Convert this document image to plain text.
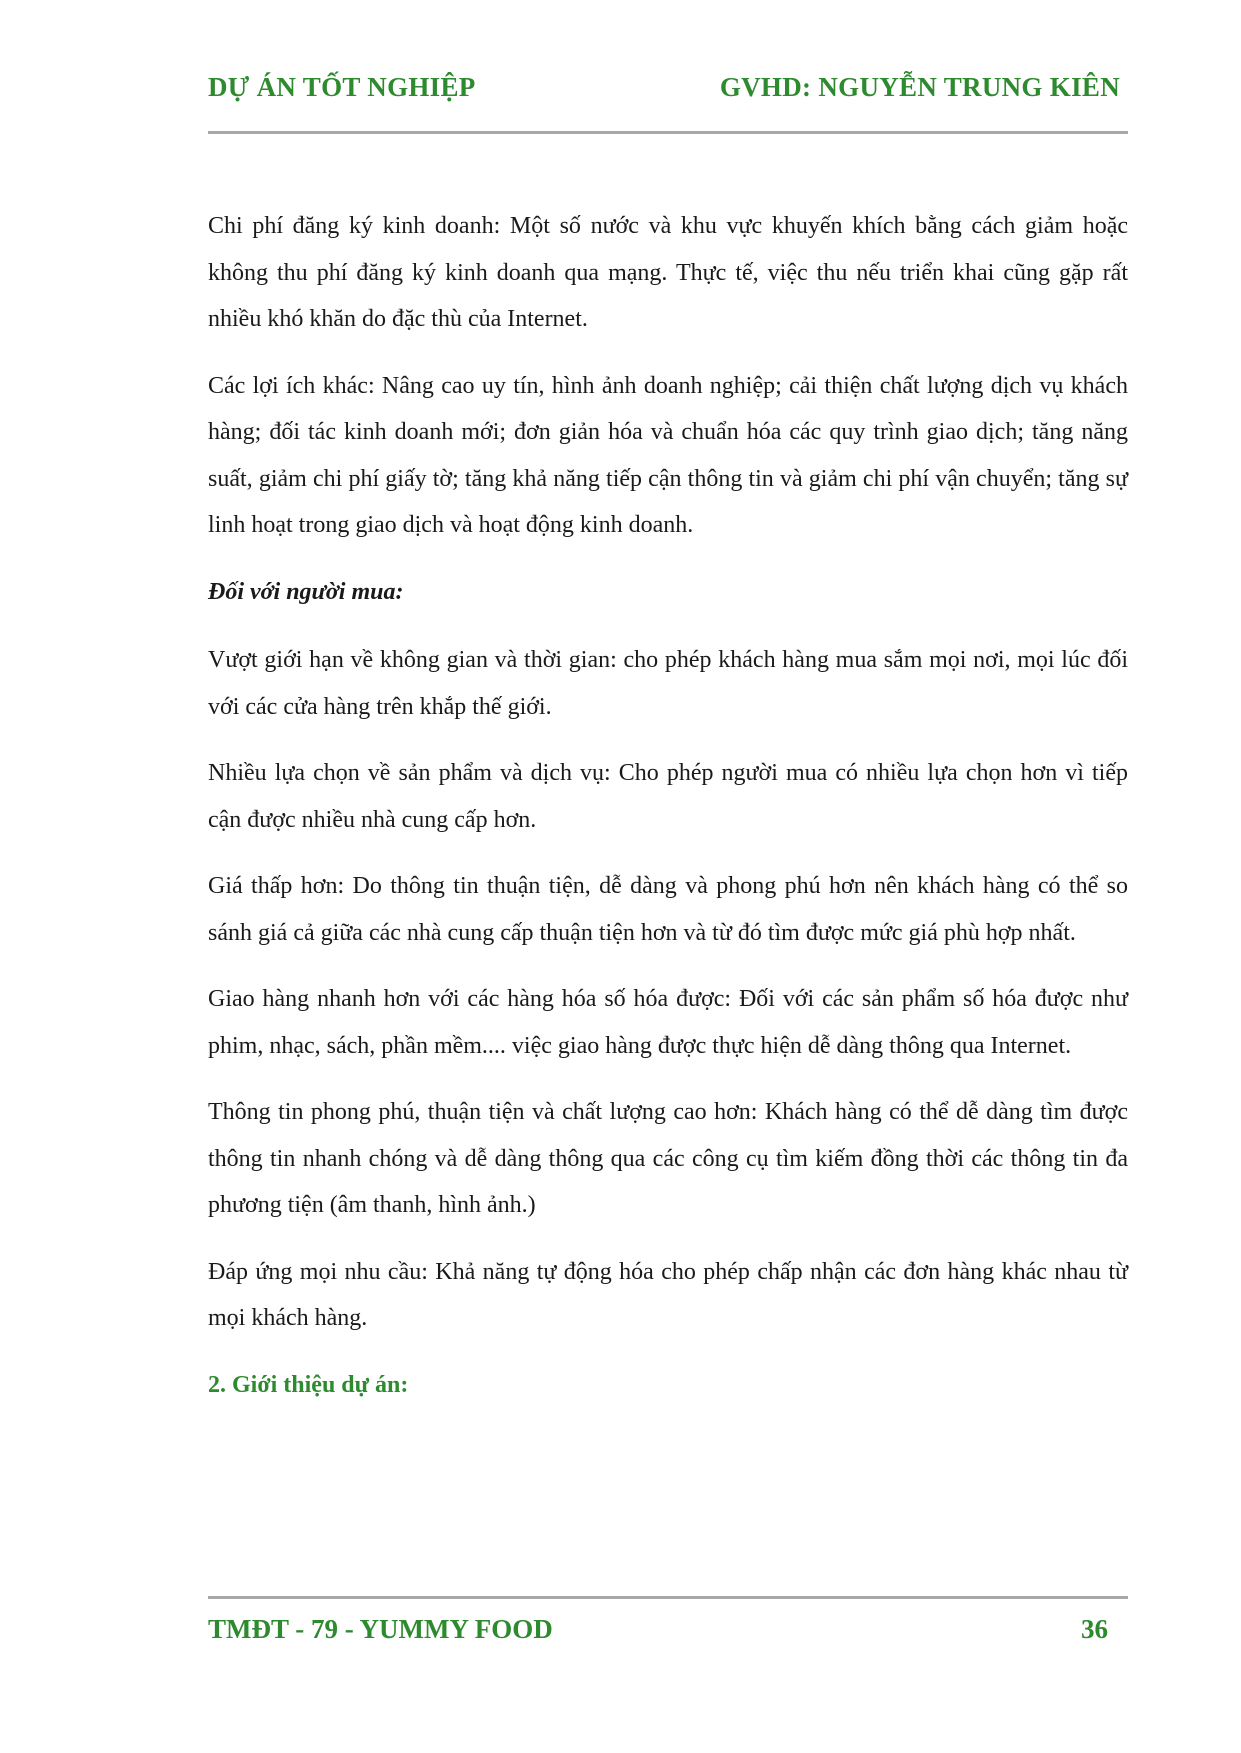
DỰ ÁN TỐT NGHIỆP	GVHD: NGUYỄN TRUNG KIÊN

Chi phí đăng ký kinh doanh: Một số nước và khu vực khuyến khích bằng cách giảm hoặc không thu phí đăng ký kinh doanh qua mạng. Thực tế, việc thu nếu triển khai cũng gặp rất nhiều khó khăn do đặc thù của Internet.

Các lợi ích khác: Nâng cao uy tín, hình ảnh doanh nghiệp; cải thiện chất lượng dịch vụ khách hàng; đối tác kinh doanh mới; đơn giản hóa và chuẩn hóa các quy trình giao dịch; tăng năng suất, giảm chi phí giấy tờ; tăng khả năng tiếp cận thông tin và giảm chi phí vận chuyển; tăng sự linh hoạt trong giao dịch và hoạt động kinh doanh.

Đối với người mua:

Vượt giới hạn về không gian và thời gian: cho phép khách hàng mua sắm mọi nơi, mọi lúc đối với các cửa hàng trên khắp thế giới.

Nhiều lựa chọn về sản phẩm và dịch vụ: Cho phép người mua có nhiều lựa chọn hơn vì tiếp cận được nhiều nhà cung cấp hơn.

Giá thấp hơn: Do thông tin thuận tiện, dễ dàng và phong phú hơn nên khách hàng có thể so sánh giá cả giữa các nhà cung cấp thuận tiện hơn và từ đó tìm được mức giá phù hợp nhất.

Giao hàng nhanh hơn với các hàng hóa số hóa được: Đối với các sản phẩm số hóa được như phim, nhạc, sách, phần mềm.... việc giao hàng được thực hiện dễ dàng thông qua Internet.

Thông tin phong phú, thuận tiện và chất lượng cao hơn: Khách hàng có thể dễ dàng tìm được thông tin nhanh chóng và dễ dàng thông qua các công cụ tìm kiếm đồng thời các thông tin đa phương tiện (âm thanh, hình ảnh.)

Đáp ứng mọi nhu cầu: Khả năng tự động hóa cho phép chấp nhận các đơn hàng khác nhau từ mọi khách hàng.

2. Giới thiệu dự án:

TMĐT - 79 - YUMMY FOOD	36
